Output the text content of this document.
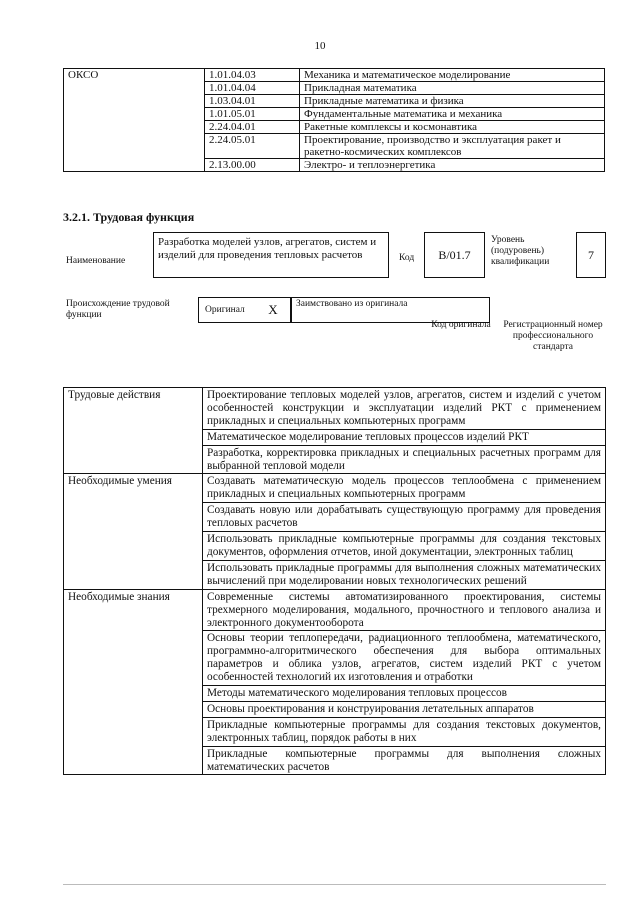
10
ОКСО	1.01.04.03	Механика и математическое моделирование
	1.01.04.04	Прикладная математика
	1.03.04.01	Прикладные математика и физика
	1.01.05.01	Фундаментальные математика и механика
	2.24.04.01	Ракетные комплексы и космонавтика
	2.24.05.01	Проектирование, производство и эксплуатация ракет и ракетно-космических комплексов
	2.13.00.00	Электро- и теплоэнергетика
3.2.1. Трудовая функция
Наименование
Разработка моделей узлов, агрегатов, систем и изделий для проведения тепловых расчетов	Код	B/01.7
Уровень (подуровень) квалификации
7
Происхождение трудовой функции	Оригинал	X	Заимствовано из оригинала
Код оригинала	Регистрационный номер профессионального стандарта
Трудовые действия	Проектирование тепловых моделей узлов, агрегатов, систем и изделий с учетом особенностей конструкции и эксплуатации изделий РКТ с применением прикладных и специальных компьютерных программ
	Математическое моделирование тепловых процессов изделий РКТ
	Разработка, корректировка прикладных и специальных расчетных программ для выбранной тепловой модели
Необходимые умения	Создавать математическую модель процессов теплообмена с применением прикладных и специальных компьютерных программ
	Создавать новую или дорабатывать существующую программу для проведения тепловых расчетов
	Использовать прикладные компьютерные программы для создания текстовых документов, оформления отчетов, иной документации, электронных таблиц
	Использовать прикладные программы для выполнения сложных математических вычислений при моделировании новых технологических решений
Необходимые знания	Современные системы автоматизированного проектирования, системы трехмерного моделирования, модального, прочностного и теплового анализа и электронного документооборота
	Основы теории теплопередачи, радиационного теплообмена, математического, программно-алгоритмического обеспечения для выбора оптимальных параметров и облика узлов, агрегатов, систем изделий РКТ с учетом особенностей технологий их изготовления и отработки
	Методы математического моделирования тепловых процессов
	Основы проектирования и конструирования летательных аппаратов
	Прикладные компьютерные программы для создания текстовых документов, электронных таблиц, порядок работы в них
	Прикладные компьютерные программы для выполнения сложных математических расчетов
